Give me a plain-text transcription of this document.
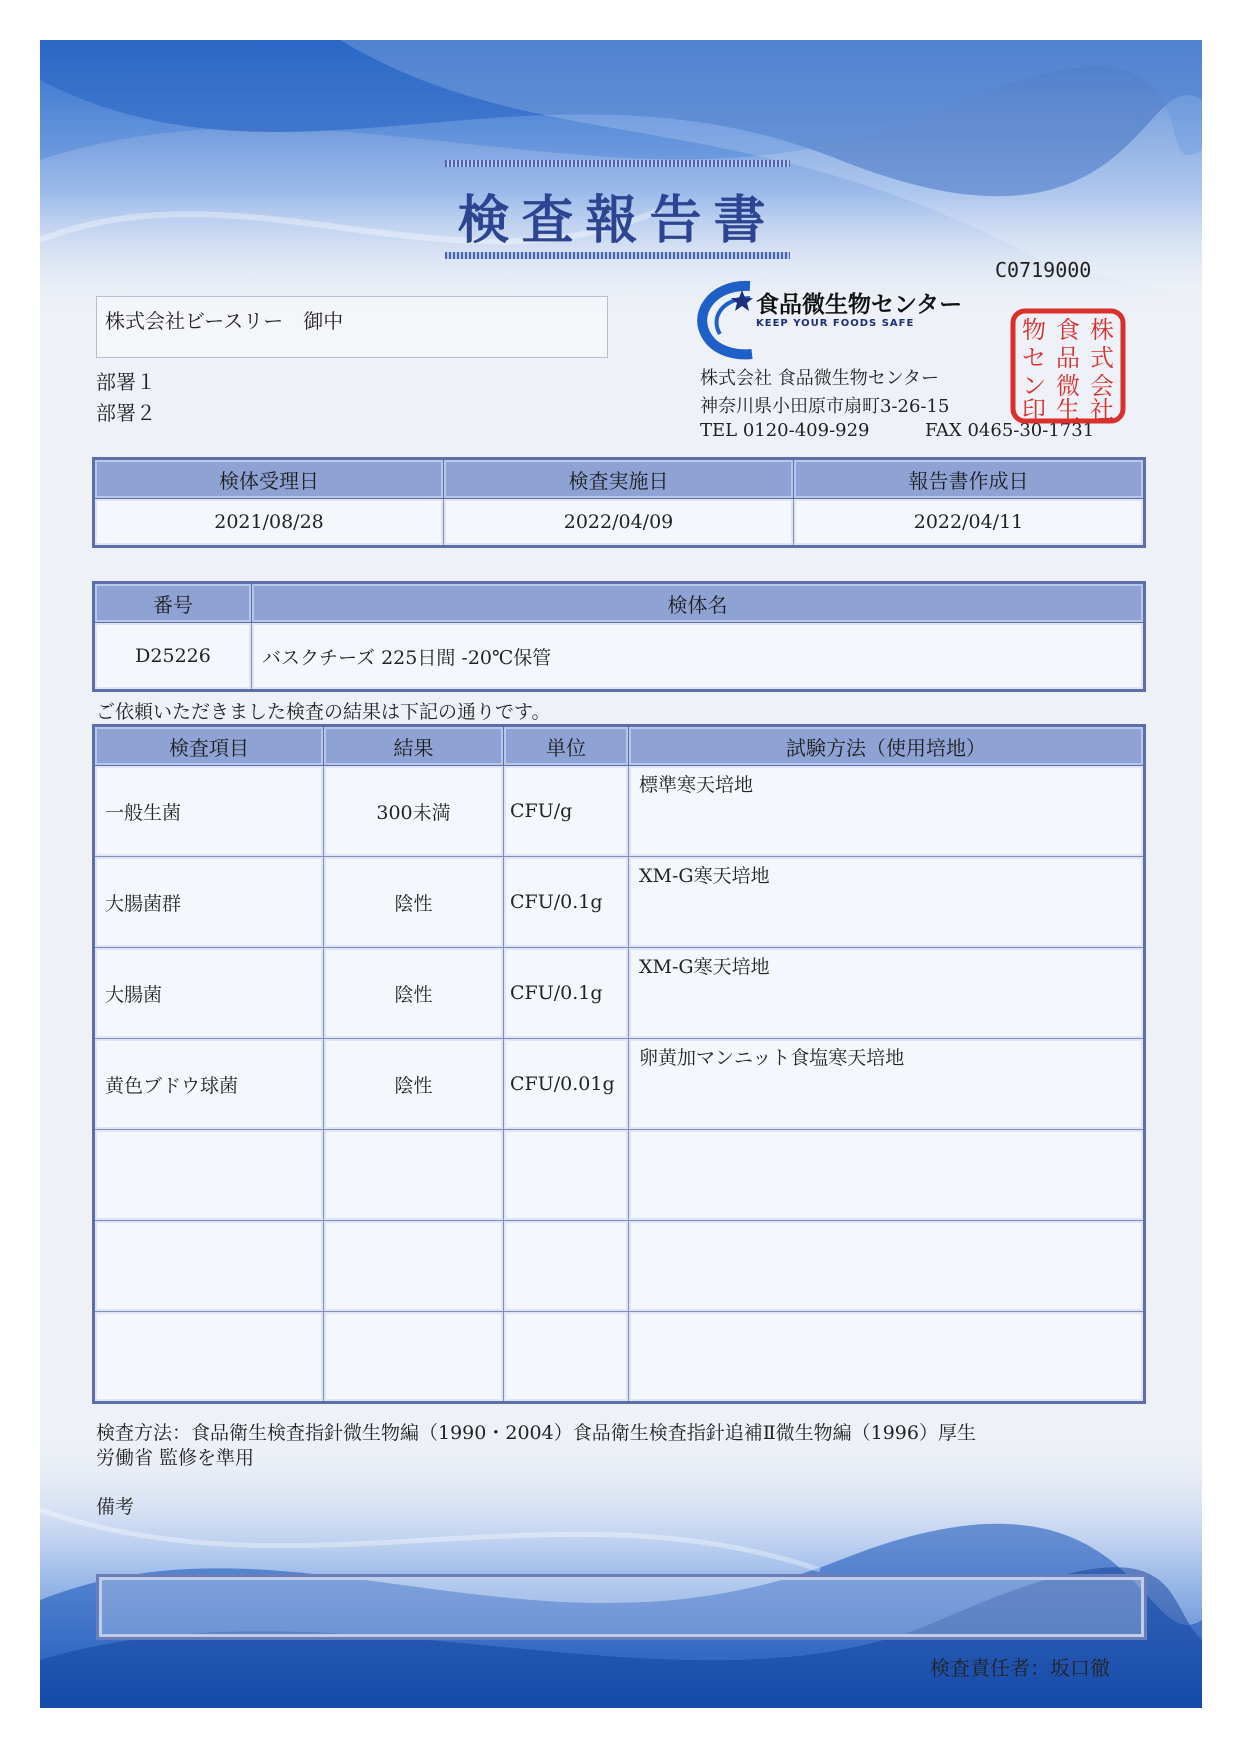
検査報告書
C0719000
株式会社ビースリー　御中
部署１
部署２
食品微生物センター
KEEP YOUR FOODS SAFE
株式会社 食品微生物センター
神奈川県小田原市扇町3-26-15
TEL 0120-409-929	FAX 0465-30-1731
株
式
会
社
食
品
微
生
物
セ
ン
印
検体受理日	検査実施日	報告書作成日
2021/08/28	2022/04/09	2022/04/11
番号	検体名
D25226	バスクチーズ 225日間 -20℃保管
ご依頼いただきました検査の結果は下記の通りです。
検査項目	結果	単位	試験方法（使用培地）
一般生菌	300未満	CFU/g	標準寒天培地
大腸菌群	陰性	CFU/0.1g	XM-G寒天培地
大腸菌	陰性	CFU/0.1g	XM-G寒天培地
黄色ブドウ球菌	陰性	CFU/0.01g	卵黄加マンニット食塩寒天培地

検査方法：食品衛生検査指針微生物編（1990・2004）食品衛生検査指針追補Ⅱ微生物編（1996）厚生
労働省 監修を準用
備考
検査責任者：坂口徹
